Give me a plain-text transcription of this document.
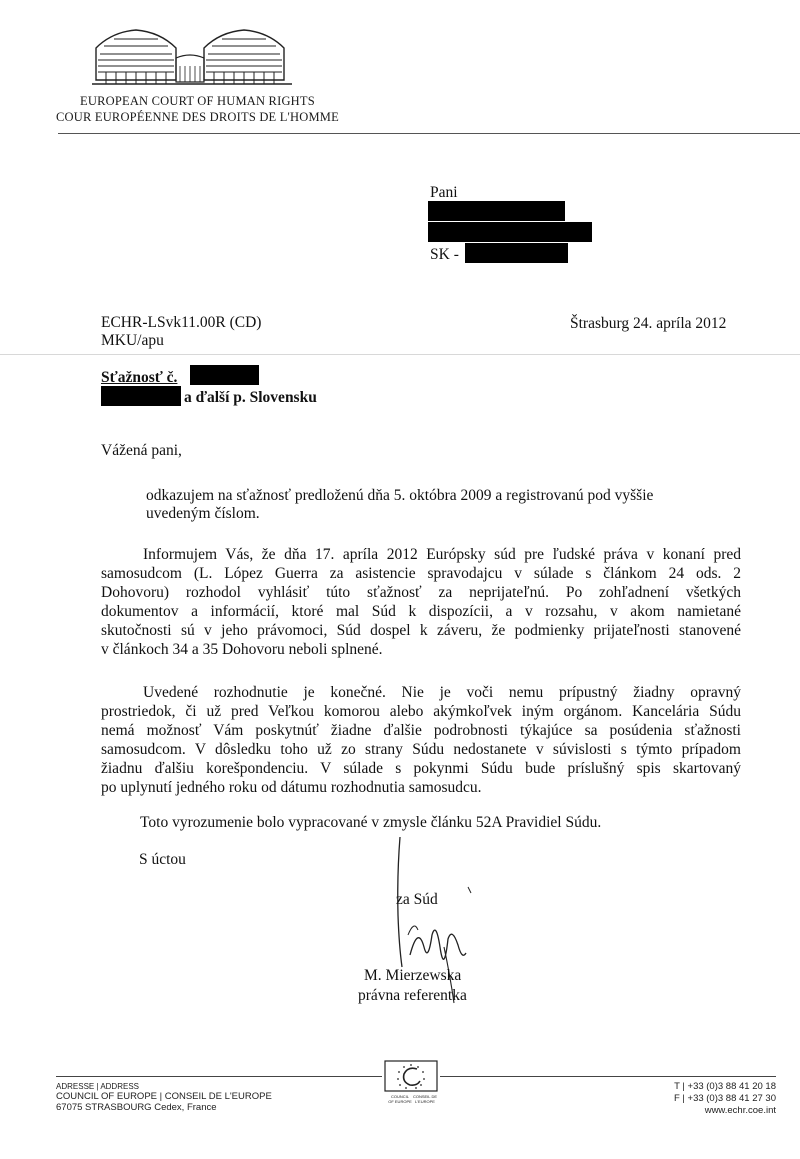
EUROPEAN COURT OF HUMAN RIGHTS
COUR EUROPÉENNE DES DROITS DE L'HOMME
Pani
SK -
ECHR-LSvk11.00R (CD)
MKU/apu
Štrasburg 24. apríla 2012
Sťažnosť č.
a ďalší p. Slovensku
Vážená pani,
odkazujem na sťažnosť predloženú dňa 5. októbra 2009 a registrovanú pod vyššie
uvedeným číslom.
Informujem Vás, že dňa 17. apríla 2012 Európsky súd pre ľudské práva v konaní pred
samosudcom (L. López Guerra za asistencie spravodajcu v súlade s článkom 24 ods. 2
Dohovoru) rozhodol vyhlásiť túto sťažnosť za neprijateľnú. Po zohľadnení všetkých
dokumentov a informácií, ktoré mal Súd k dispozícii, a v rozsahu, v akom namietané
skutočnosti sú v jeho právomoci, Súd dospel k záveru, že podmienky prijateľnosti stanovené
v článkoch 34 a 35 Dohovoru neboli splnené.
Uvedené rozhodnutie je konečné. Nie je voči nemu prípustný žiadny opravný
prostriedok, či už pred Veľkou komorou alebo akýmkoľvek iným orgánom. Kancelária Súdu
nemá možnosť Vám poskytnúť žiadne ďalšie podrobnosti týkajúce sa posúdenia sťažnosti
samosudcom. V dôsledku toho už zo strany Súdu nedostanete v súvislosti s týmto prípadom
žiadnu ďalšiu korešpondenciu. V súlade s pokynmi Súdu bude príslušný spis skartovaný
po uplynutí jedného roku od dátumu rozhodnutia samosudcu.
Toto vyrozumenie bolo vypracované v zmysle článku 52A Pravidiel Súdu.
S úctou
za Súd
M. Mierzewska
právna referentka
ADRESSE | ADDRESS
COUNCIL OF EUROPE | CONSEIL DE L'EUROPE
67075 STRASBOURG Cedex, France
COUNCIL OF EUROPE
CONSEIL DE L'EUROPE
T | +33 (0)3 88 41 20 18
F | +33 (0)3 88 41 27 30
www.echr.coe.int
